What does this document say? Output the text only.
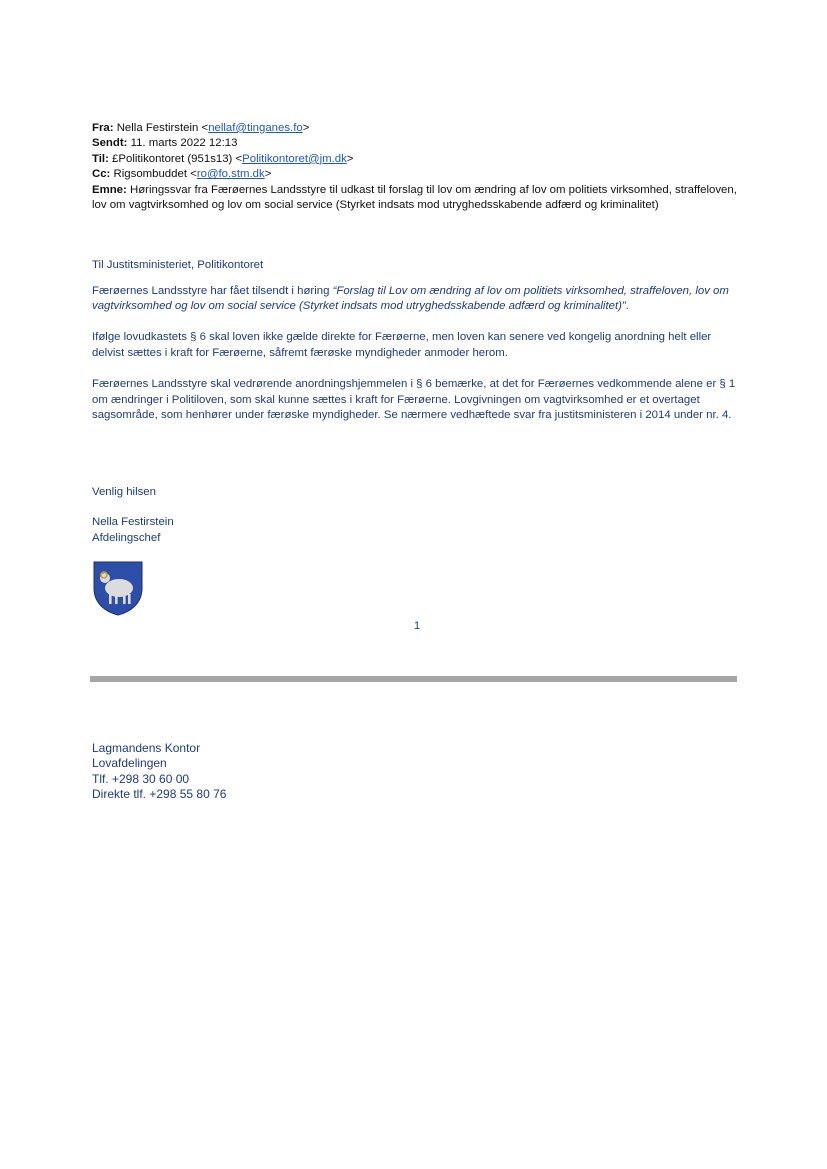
Fra: Nella Festirstein <nellaf@tinganes.fo>
Sendt: 11. marts 2022 12:13
Til: £Politikontoret (951s13) <Politikontoret@jm.dk>
Cc: Rigsombuddet <ro@fo.stm.dk>
Emne: Høringssvar fra Færøernes Landsstyre til udkast til forslag til lov om ændring af lov om politiets virksomhed, straffeloven, lov om vagtvirksomhed og lov om social service (Styrket indsats mod utryghedsskabende adfærd og kriminalitet)

Til Justitsministeriet, Politikontoret

Færøernes Landsstyre har fået tilsendt i høring “Forslag til Lov om ændring af lov om politiets virksomhed, straffeloven, lov om vagtvirksomhed og lov om social service (Styrket indsats mod utryghedsskabende adfærd og kriminalitet)”.

Ifølge lovudkastets § 6 skal loven ikke gælde direkte for Færøerne, men loven kan senere ved kongelig anordning helt eller delvist sættes i kraft for Færøerne, såfremt færøske myndigheder anmoder herom.

Færøernes Landsstyre skal vedrørende anordningshjemmelen i § 6 bemærke, at det for Færøernes vedkommende alene er § 1 om ændringer i Politiloven, som skal kunne sættes i kraft for Færøerne. Lovgivningen om vagtvirksomhed er et overtaget sagsområde, som henhører under færøske myndigheder. Se nærmere vedhæftede svar fra justitsministeren i 2014 under nr. 4.

Venlig hilsen
Nella Festirstein
Afdelingschef
1
Lagmandens Kontor
Lovafdelingen
Tlf. +298 30 60 00
Direkte tlf. +298 55 80 76
